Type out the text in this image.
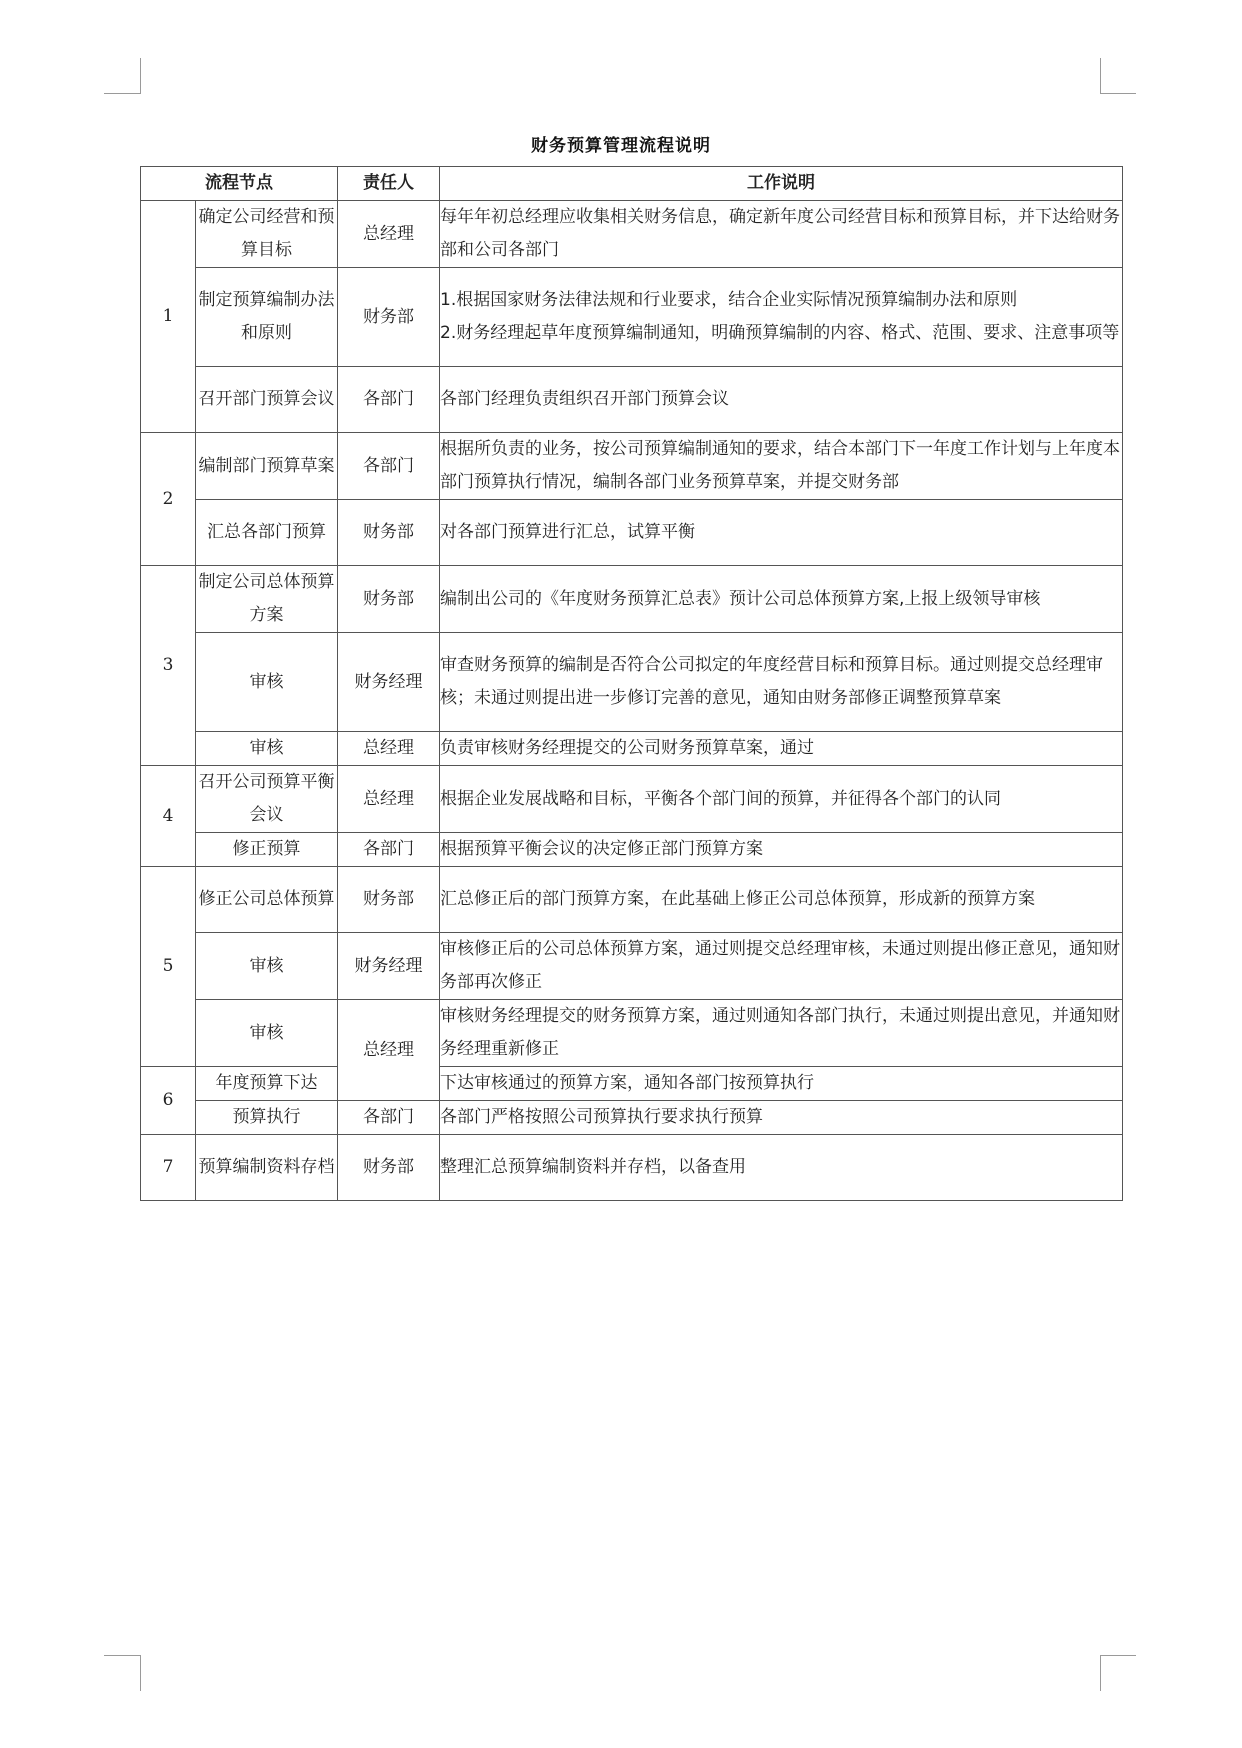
财务预算管理流程说明
流程节点		责任人	工作说明
1	确定公司经营和预算目标	总经理	每年年初总经理应收集相关财务信息，确定新年度公司经营目标和预算目标，并下达给财务部和公司各部门
	制定预算编制办法和原则	财务部	1.根据国家财务法律法规和行业要求，结合企业实际情况预算编制办法和原则
2.财务经理起草年度预算编制通知，明确预算编制的内容、格式、范围、要求、注意事项等

	召开部门预算会议	各部门	各部门经理负责组织召开部门预算会议
2	编制部门预算草案	各部门	根据所负责的业务，按公司预算编制通知的要求，结合本部门下一年度工作计划与上年度本部门预算执行情况，编制各部门业务预算草案，并提交财务部
	汇总各部门预算	财务部	对各部门预算进行汇总，试算平衡
3	制定公司总体预算方案	财务部	编制出公司的《年度财务预算汇总表》预计公司总体预算方案,上报上级领导审核
	审核	财务经理	审查财务预算的编制是否符合公司拟定的年度经营目标和预算目标。通过则提交总经理审核；未通过则提出进一步修订完善的意见，通知由财务部修正调整预算草案
	审核	总经理	负责审核财务经理提交的公司财务预算草案，通过
4	召开公司预算平衡会议	总经理	根据企业发展战略和目标，平衡各个部门间的预算，并征得各个部门的认同
	修正预算	各部门	根据预算平衡会议的决定修正部门预算方案
5	修正公司总体预算	财务部	汇总修正后的部门预算方案，在此基础上修正公司总体预算，形成新的预算方案
	审核	财务经理	审核修正后的公司总体预算方案，通过则提交总经理审核，未通过则提出修正意见，通知财务部再次修正
	审核	总经理	审核财务经理提交的财务预算方案，通过则通知各部门执行，未通过则提出意见，并通知财务经理重新修正
6	年度预算下达		下达审核通过的预算方案，通知各部门按预算执行
	预算执行	各部门	各部门严格按照公司预算执行要求执行预算
7	预算编制资料存档	财务部	整理汇总预算编制资料并存档，以备查用
